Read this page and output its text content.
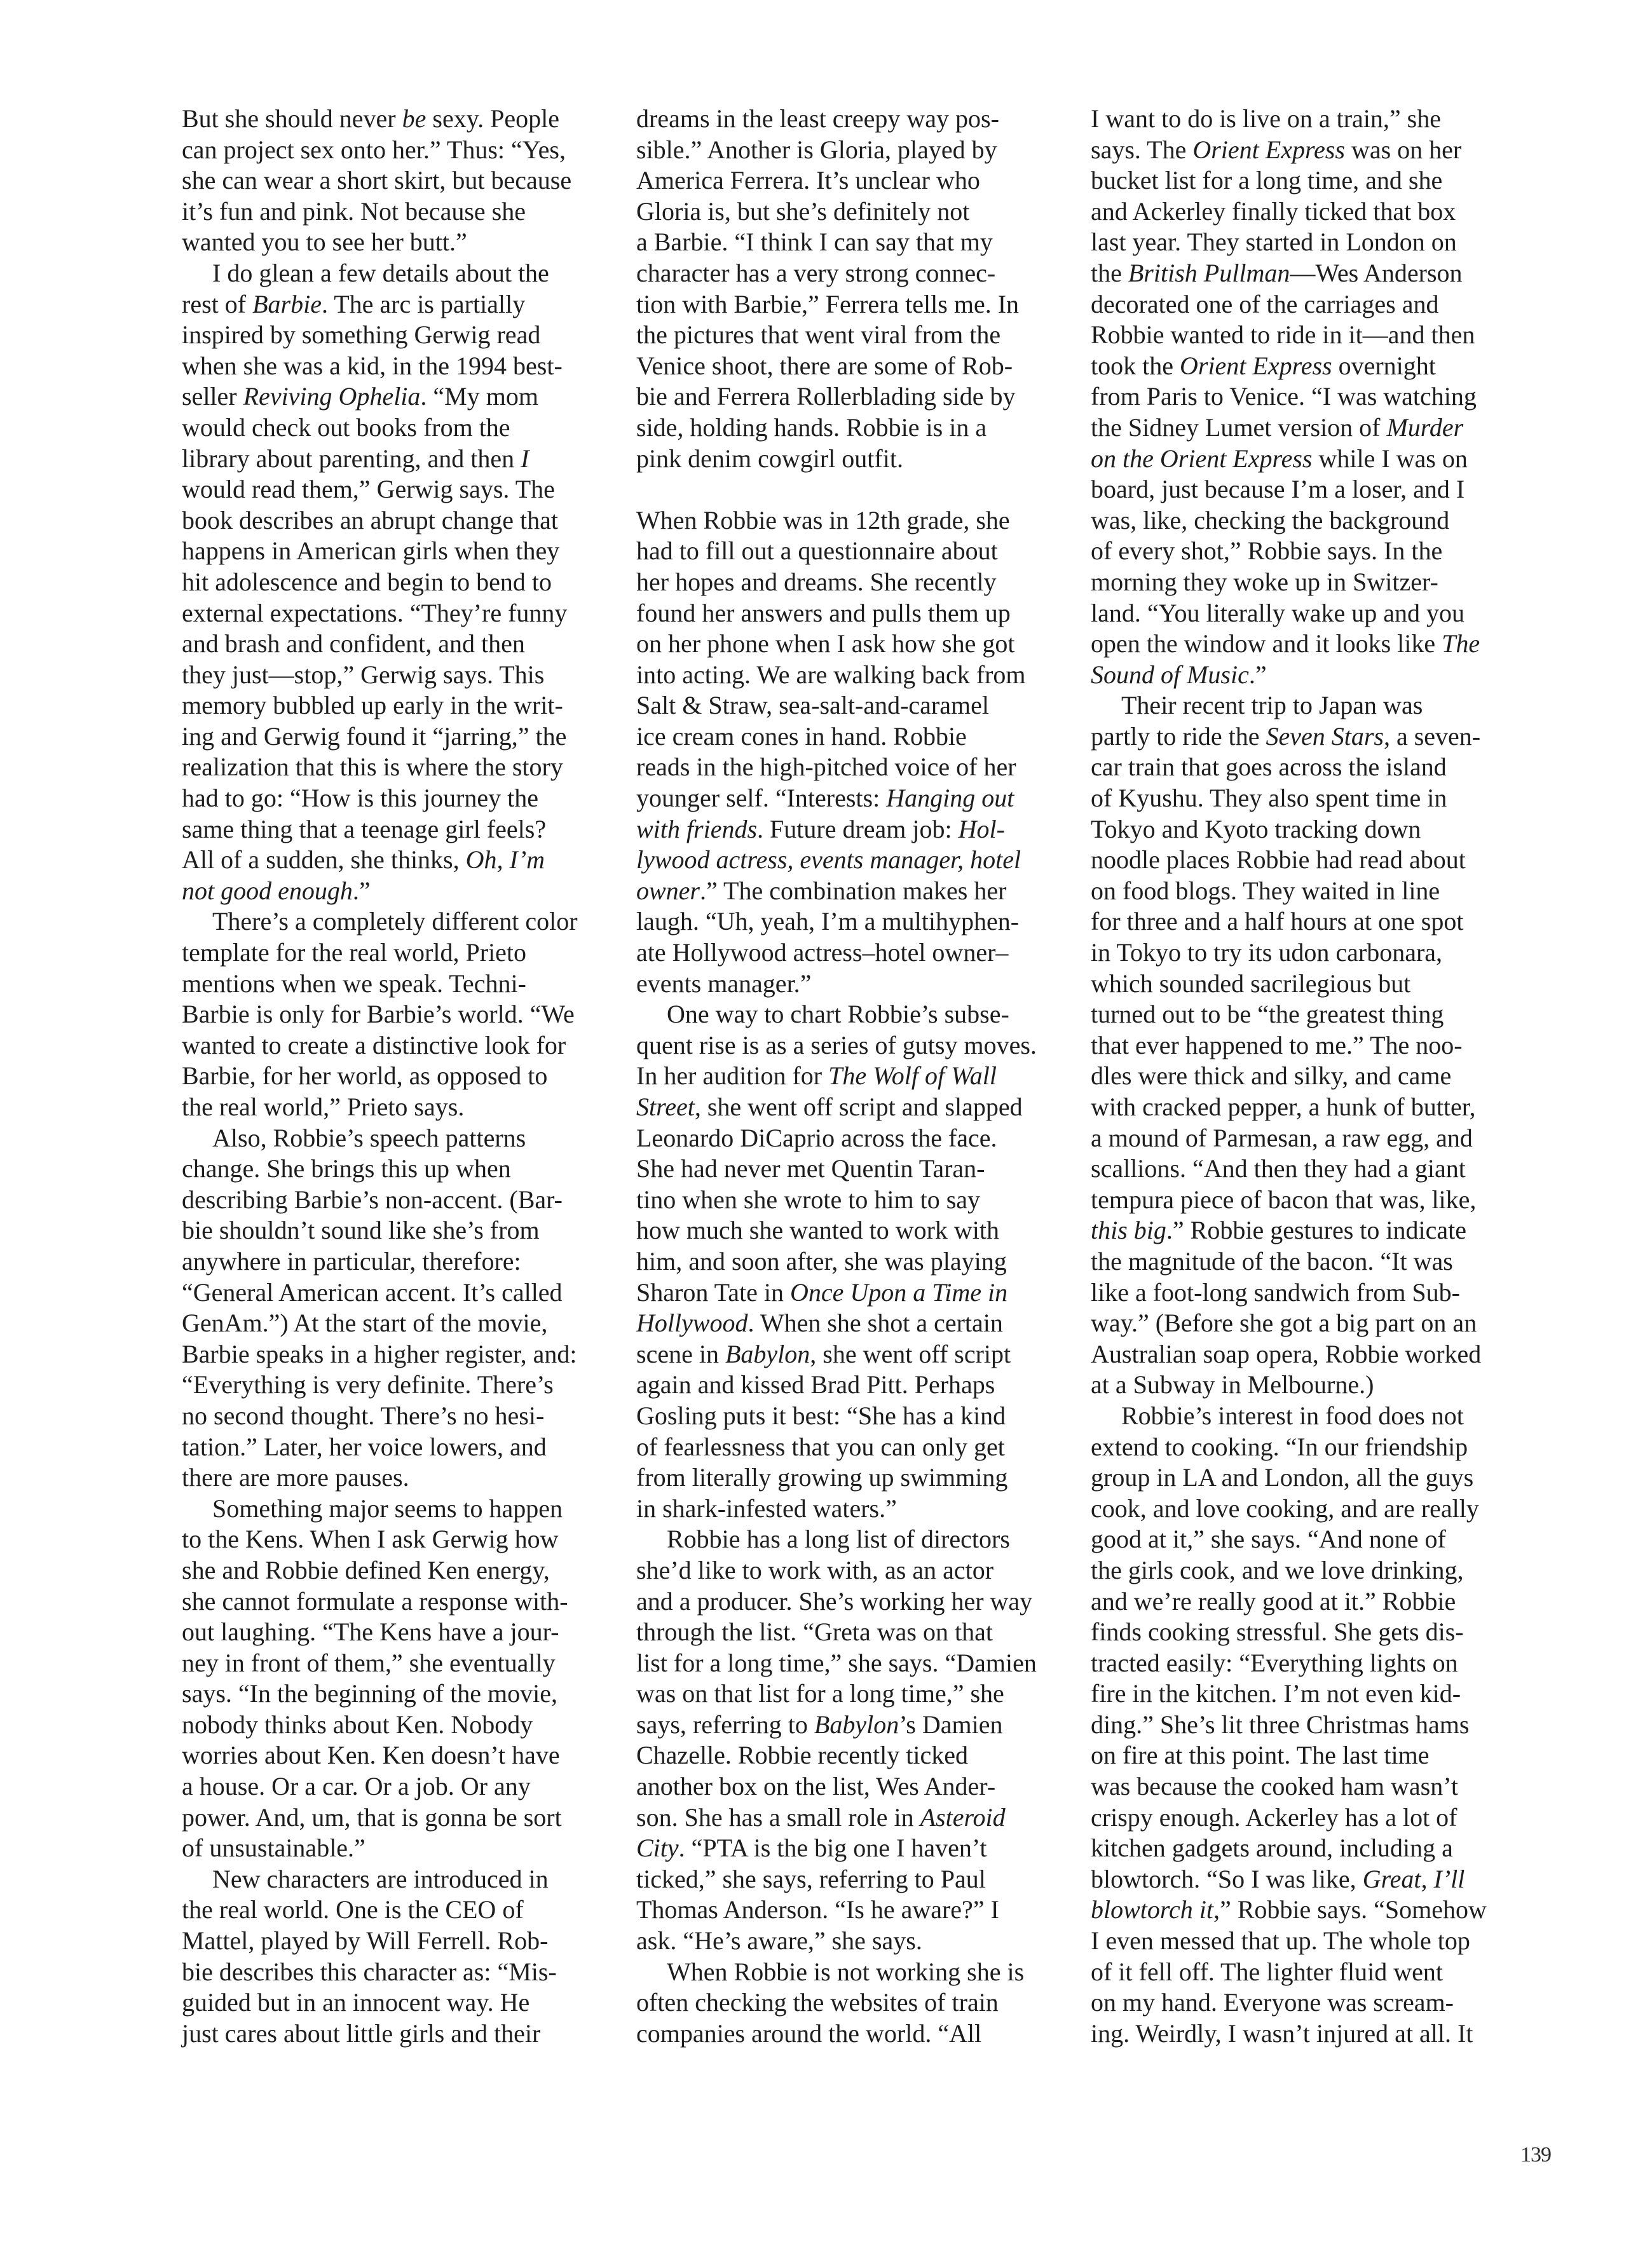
But she should never be sexy. People
can project sex onto her.” Thus: “Yes,
she can wear a short skirt, but because
it’s fun and pink. Not because she
wanted you to see her butt.”
I do glean a few details about the
rest of Barbie. The arc is partially
inspired by something Gerwig read
when she was a kid, in the 1994 best-
seller Reviving Ophelia. “My mom
would check out books from the
library about parenting, and then I
would read them,” Gerwig says. The
book describes an abrupt change that
happens in American girls when they
hit adolescence and begin to bend to
external expectations. “They’re funny
and brash and confident, and then
they just—stop,” Gerwig says. This
memory bubbled up early in the writ-
ing and Gerwig found it “jarring,” the
realization that this is where the story
had to go: “How is this journey the
same thing that a teenage girl feels?
All of a sudden, she thinks, Oh, I’m
not good enough.”
There’s a completely different color
template for the real world, Prieto
mentions when we speak. Techni-
Barbie is only for Barbie’s world. “We
wanted to create a distinctive look for
Barbie, for her world, as opposed to
the real world,” Prieto says.
Also, Robbie’s speech patterns
change. She brings this up when
describing Barbie’s non-accent. (Bar-
bie shouldn’t sound like she’s from
anywhere in particular, therefore:
“General American accent. It’s called
GenAm.”) At the start of the movie,
Barbie speaks in a higher register, and:
“Everything is very definite. There’s
no second thought. There’s no hesi-
tation.” Later, her voice lowers, and
there are more pauses.
Something major seems to happen
to the Kens. When I ask Gerwig how
she and Robbie defined Ken energy,
she cannot formulate a response with-
out laughing. “The Kens have a jour-
ney in front of them,” she eventually
says. “In the beginning of the movie,
nobody thinks about Ken. Nobody
worries about Ken. Ken doesn’t have
a house. Or a car. Or a job. Or any
power. And, um, that is gonna be sort
of unsustainable.”
New characters are introduced in
the real world. One is the CEO of
Mattel, played by Will Ferrell. Rob-
bie describes this character as: “Mis-
guided but in an innocent way. He
just cares about little girls and their
dreams in the least creepy way pos-
sible.” Another is Gloria, played by
America Ferrera. It’s unclear who
Gloria is, but she’s definitely not
a Barbie. “I think I can say that my
character has a very strong connec-
tion with Barbie,” Ferrera tells me. In
the pictures that went viral from the
Venice shoot, there are some of Rob-
bie and Ferrera Rollerblading side by
side, holding hands. Robbie is in a
pink denim cowgirl outfit.
When Robbie was in 12th grade, she
had to fill out a questionnaire about
her hopes and dreams. She recently
found her answers and pulls them up
on her phone when I ask how she got
into acting. We are walking back from
Salt & Straw, sea-salt-and-caramel
ice cream cones in hand. Robbie
reads in the high-pitched voice of her
younger self. “Interests: Hanging out
with friends. Future dream job: Hol-
lywood actress, events manager, hotel
owner.” The combination makes her
laugh. “Uh, yeah, I’m a multihyphen-
ate Hollywood actress–hotel owner–
events manager.”
One way to chart Robbie’s subse-
quent rise is as a series of gutsy moves.
In her audition for The Wolf of Wall
Street, she went off script and slapped
Leonardo DiCaprio across the face.
She had never met Quentin Taran-
tino when she wrote to him to say
how much she wanted to work with
him, and soon after, she was playing
Sharon Tate in Once Upon a Time in
Hollywood. When she shot a certain
scene in Babylon, she went off script
again and kissed Brad Pitt. Perhaps
Gosling puts it best: “She has a kind
of fearlessness that you can only get
from literally growing up swimming
in shark-infested waters.”
Robbie has a long list of directors
she’d like to work with, as an actor
and a producer. She’s working her way
through the list. “Greta was on that
list for a long time,” she says. “Damien
was on that list for a long time,” she
says, referring to Babylon’s Damien
Chazelle. Robbie recently ticked
another box on the list, Wes Ander-
son. She has a small role in Asteroid
City. “PTA is the big one I haven’t
ticked,” she says, referring to Paul
Thomas Anderson. “Is he aware?” I
ask. “He’s aware,” she says.
When Robbie is not working she is
often checking the websites of train
companies around the world. “All
I want to do is live on a train,” she
says. The Orient Express was on her
bucket list for a long time, and she
and Ackerley finally ticked that box
last year. They started in London on
the British Pullman—Wes Anderson
decorated one of the carriages and
Robbie wanted to ride in it—and then
took the Orient Express overnight
from Paris to Venice. “I was watching
the Sidney Lumet version of Murder
on the Orient Express while I was on
board, just because I’m a loser, and I
was, like, checking the background
of every shot,” Robbie says. In the
morning they woke up in Switzer-
land. “You literally wake up and you
open the window and it looks like The
Sound of Music.”
Their recent trip to Japan was
partly to ride the Seven Stars, a seven-
car train that goes across the island
of Kyushu. They also spent time in
Tokyo and Kyoto tracking down
noodle places Robbie had read about
on food blogs. They waited in line
for three and a half hours at one spot
in Tokyo to try its udon carbonara,
which sounded sacrilegious but
turned out to be “the greatest thing
that ever happened to me.” The noo-
dles were thick and silky, and came
with cracked pepper, a hunk of butter,
a mound of Parmesan, a raw egg, and
scallions. “And then they had a giant
tempura piece of bacon that was, like,
this big.” Robbie gestures to indicate
the magnitude of the bacon. “It was
like a foot-long sandwich from Sub-
way.” (Before she got a big part on an
Australian soap opera, Robbie worked
at a Subway in Melbourne.)
Robbie’s interest in food does not
extend to cooking. “In our friendship
group in LA and London, all the guys
cook, and love cooking, and are really
good at it,” she says. “And none of
the girls cook, and we love drinking,
and we’re really good at it.” Robbie
finds cooking stressful. She gets dis-
tracted easily: “Everything lights on
fire in the kitchen. I’m not even kid-
ding.” She’s lit three Christmas hams
on fire at this point. The last time
was because the cooked ham wasn’t
crispy enough. Ackerley has a lot of
kitchen gadgets around, including a
blowtorch. “So I was like, Great, I’ll
blowtorch it,” Robbie says. “Somehow
I even messed that up. The whole top
of it fell off. The lighter fluid went
on my hand. Everyone was scream-
ing. Weirdly, I wasn’t injured at all. It
139
